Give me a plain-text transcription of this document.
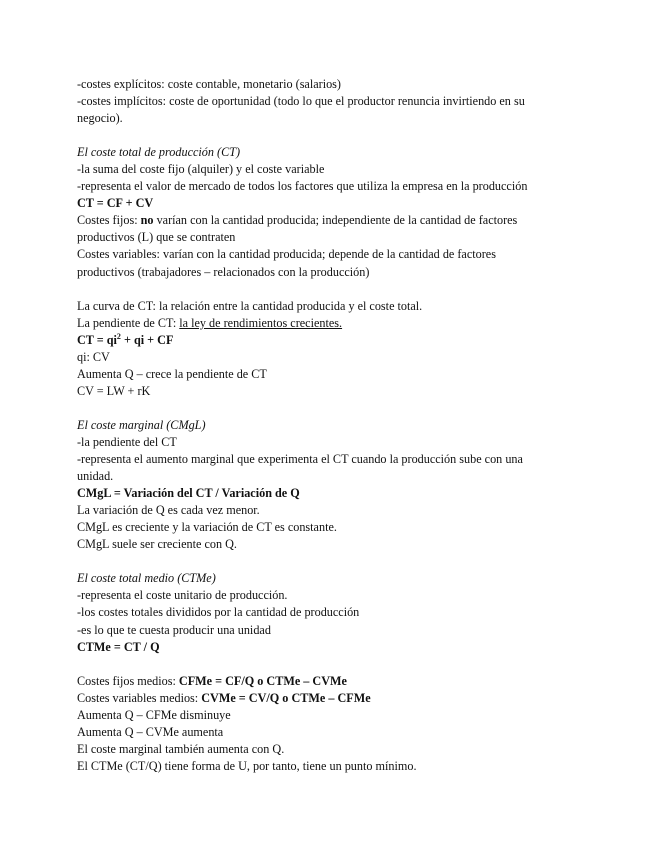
-costes explícitos: coste contable, monetario (salarios)
-costes implícitos: coste de oportunidad (todo lo que el productor renuncia invirtiendo en su
negocio).
El coste total de producción (CT)
-la suma del coste fijo (alquiler) y el coste variable
-representa el valor de mercado de todos los factores que utiliza la empresa en la producción
CT = CF + CV
Costes fijos: no varían con la cantidad producida; independiente de la cantidad de factores
productivos (L) que se contraten
Costes variables: varían con la cantidad producida; depende de la cantidad de factores
productivos (trabajadores – relacionados con la producción)
La curva de CT: la relación entre la cantidad producida y el coste total.
La pendiente de CT: la ley de rendimientos crecientes.
CT = $qi^2$ + qi + CF
qi: CV
Aumenta Q – crece la pendiente de CT
CV = LW + rK
El coste marginal (CMgL)
-la pendiente del CT
-representa el aumento marginal que experimenta el CT cuando la producción sube con una
unidad.
CMgL = Variación del CT / Variación de Q
La variación de Q es cada vez menor.
CMgL es creciente y la variación de CT es constante.
CMgL suele ser creciente con Q.
El coste total medio (CTMe)
-representa el coste unitario de producción.
-los costes totales divididos por la cantidad de producción
-es lo que te cuesta producir una unidad
CTMe = CT / Q
Costes fijos medios: CFMe = CF/Q o CTMe – CVMe
Costes variables medios: CVMe = CV/Q o CTMe – CFMe
Aumenta Q – CFMe disminuye
Aumenta Q – CVMe aumenta
El coste marginal también aumenta con Q.
El CTMe (CT/Q) tiene forma de U, por tanto, tiene un punto mínimo.
